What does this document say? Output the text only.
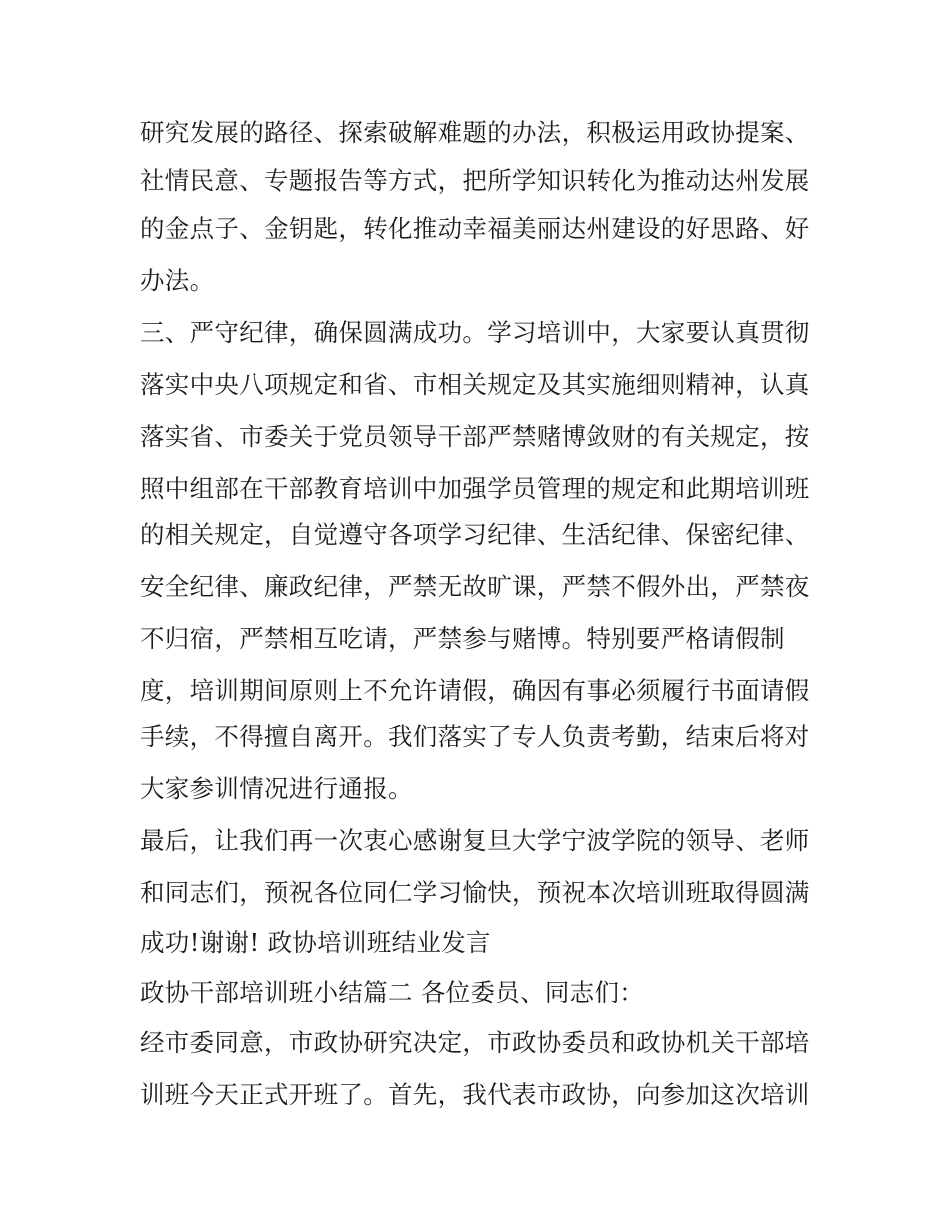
研究发展的路径、探索破解难题的办法，积极运用政协提案、
社情民意、专题报告等方式，把所学知识转化为推动达州发展
的金点子、金钥匙，转化推动幸福美丽达州建设的好思路、好
办法。
三、严守纪律，确保圆满成功。学习培训中，大家要认真贯彻
落实中央八项规定和省、市相关规定及其实施细则精神，认真
落实省、市委关于党员领导干部严禁赌博敛财的有关规定，按
照中组部在干部教育培训中加强学员管理的规定和此期培训班
的相关规定，自觉遵守各项学习纪律、生活纪律、保密纪律、
安全纪律、廉政纪律，严禁无故旷课，严禁不假外出，严禁夜
不归宿，严禁相互吃请，严禁参与赌博。特别要严格请假制
度，培训期间原则上不允许请假，确因有事必须履行书面请假
手续，不得擅自离开。我们落实了专人负责考勤，结束后将对
大家参训情况进行通报。
最后，让我们再一次衷心感谢复旦大学宁波学院的领导、老师
和同志们，预祝各位同仁学习愉快，预祝本次培训班取得圆满
成功!谢谢! 政协培训班结业发言
政协干部培训班小结篇二 各位委员、同志们：
经市委同意，市政协研究决定，市政协委员和政协机关干部培
训班今天正式开班了。首先，我代表市政协，向参加这次培训
